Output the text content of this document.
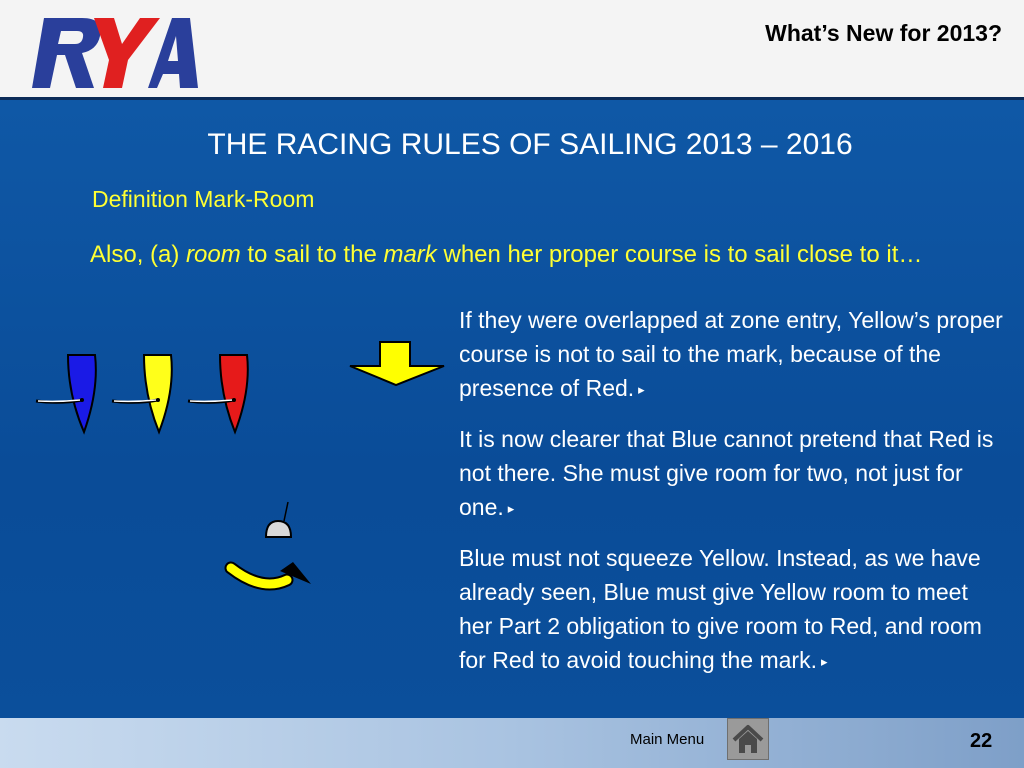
RYA
What’s New for 2013?
THE RACING RULES OF SAILING 2013 – 2016
Definition Mark-Room
Also, (a) room to sail to the mark when her proper course is to sail close to it…
If they were overlapped at zone entry, Yellow’s proper course is not to sail to the mark, because of the presence of Red. ▸
It is now clearer that Blue cannot pretend that Red is not there. She must give room for two, not just for one. ▸
Blue must not squeeze Yellow. Instead, as we have already seen, Blue must give Yellow room to meet her Part 2 obligation to give room to Red, and room for Red to avoid touching the mark. ▸
Main Menu	22
